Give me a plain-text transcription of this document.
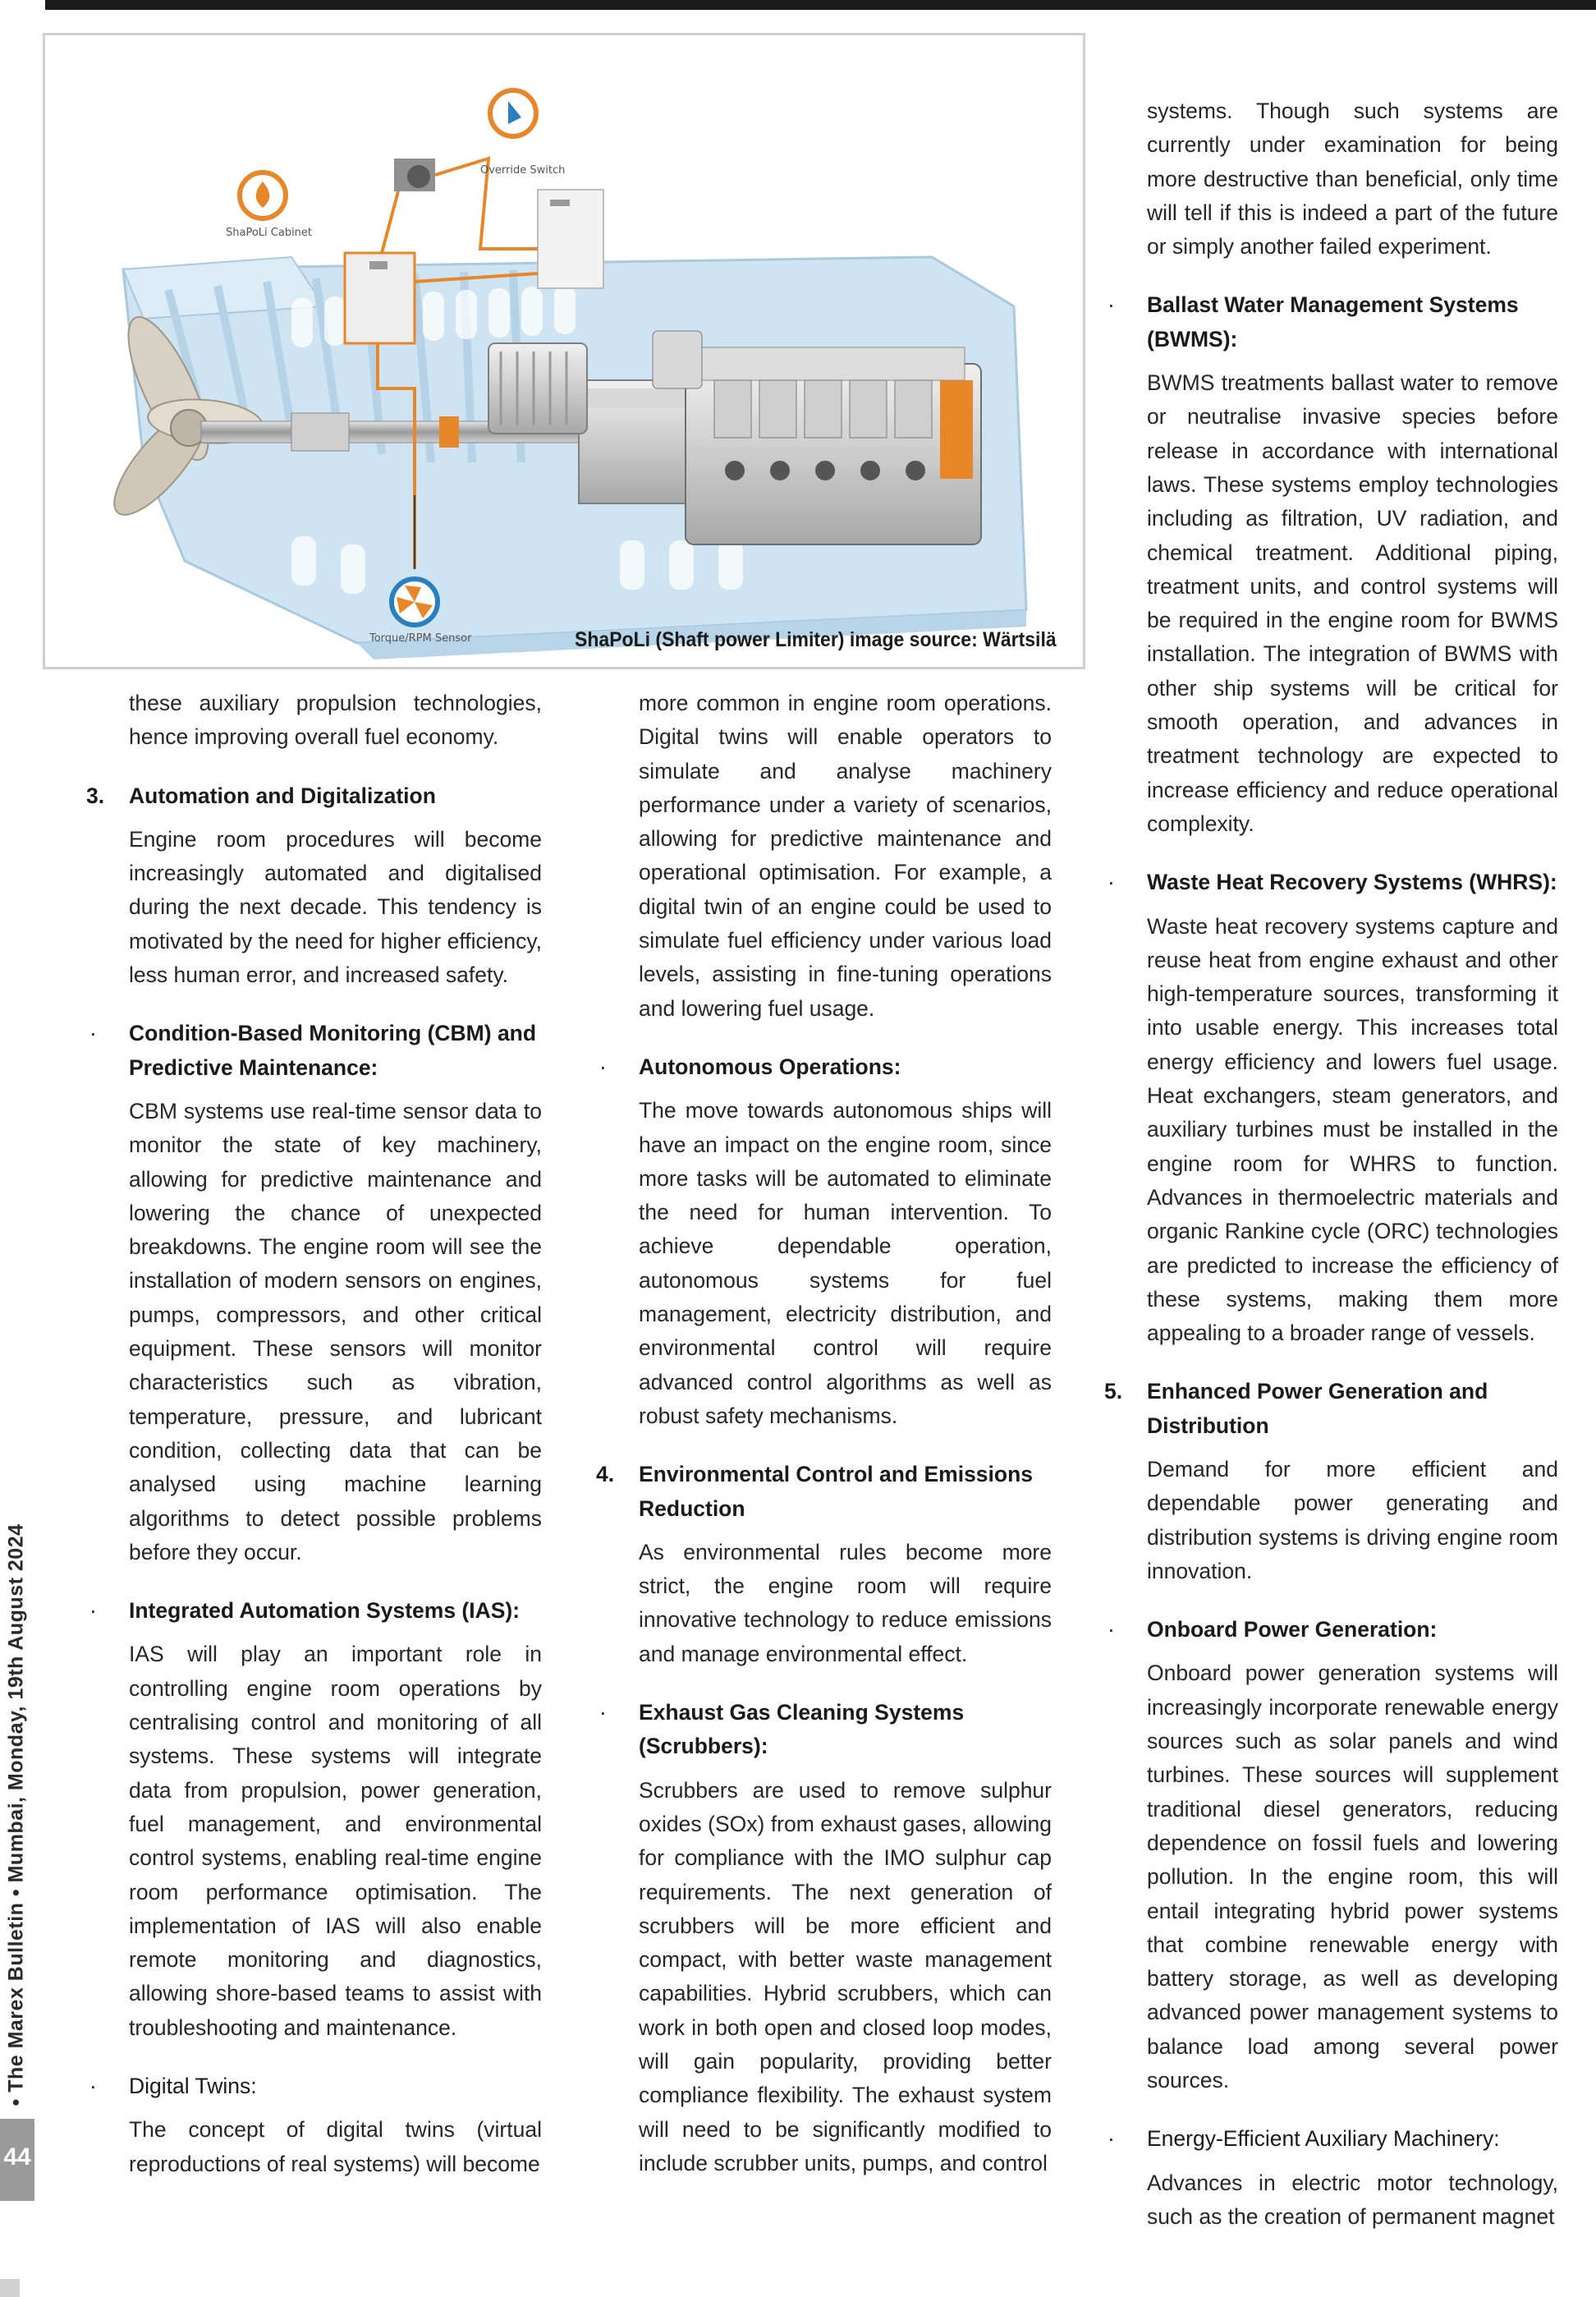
• The Marex Bulletin • Mumbai, Monday, 19th August 2024
44
ShaPoLi Cabinet
Override Switch
Torque/RPM Sensor	ShaPoLi (Shaft power Limiter) image source: Wärtsilä

these auxiliary propulsion technologies, hence improving overall fuel economy.

3.	Automation and Digitalization

Engine room procedures will become increasingly automated and digitalised during the next decade. This tendency is motivated by the need for higher efficiency, less human error, and increased safety.

·	Condition-Based Monitoring (CBM) and Predictive Maintenance:

CBM systems use real-time sensor data to monitor the state of key machinery, allowing for predictive maintenance and lowering the chance of unexpected breakdowns. The engine room will see the installation of modern sensors on engines, pumps, compressors, and other critical equipment. These sensors will monitor characteristics such as vibration, temperature, pressure, and lubricant condition, collecting data that can be analysed using machine learning algorithms to detect possible problems before they occur.

·	Integrated Automation Systems (IAS):

IAS will play an important role in controlling engine room operations by centralising control and monitoring of all systems. These systems will integrate data from propulsion, power generation, fuel management, and environmental control systems, enabling real-time engine room performance optimisation. The implementation of IAS will also enable remote monitoring and diagnostics, allowing shore-based teams to assist with troubleshooting and maintenance.

·	Digital Twins:

The concept of digital twins (virtual reproductions of real systems) will become

more common in engine room operations. Digital twins will enable operators to simulate and analyse machinery performance under a variety of scenarios, allowing for predictive maintenance and operational optimisation. For example, a digital twin of an engine could be used to simulate fuel efficiency under various load levels, assisting in fine-tuning operations and lowering fuel usage.

·	Autonomous Operations:

The move towards autonomous ships will have an impact on the engine room, since more tasks will be automated to eliminate the need for human intervention. To achieve dependable operation, autonomous systems for fuel management, electricity distribution, and environmental control will require advanced control algorithms as well as robust safety mechanisms.

4.	Environmental Control and Emissions Reduction

As environmental rules become more strict, the engine room will require innovative technology to reduce emissions and manage environmental effect.

·	Exhaust Gas Cleaning Systems (Scrubbers):

Scrubbers are used to remove sulphur oxides (SOx) from exhaust gases, allowing for compliance with the IMO sulphur cap requirements. The next generation of scrubbers will be more efficient and compact, with better waste management capabilities. Hybrid scrubbers, which can work in both open and closed loop modes, will gain popularity, providing better compliance flexibility. The exhaust system will need to be significantly modified to include scrubber units, pumps, and control

systems. Though such systems are currently under examination for being more destructive than beneficial, only time will tell if this is indeed a part of the future or simply another failed experiment.

·	Ballast Water Management Systems (BWMS):

BWMS treatments ballast water to remove or neutralise invasive species before release in accordance with international laws. These systems employ technologies including as filtration, UV radiation, and chemical treatment. Additional piping, treatment units, and control systems will be required in the engine room for BWMS installation. The integration of BWMS with other ship systems will be critical for smooth operation, and advances in treatment technology are expected to increase efficiency and reduce operational complexity.

·	Waste Heat Recovery Systems (WHRS):

Waste heat recovery systems capture and reuse heat from engine exhaust and other high-temperature sources, transforming it into usable energy. This increases total energy efficiency and lowers fuel usage. Heat exchangers, steam generators, and auxiliary turbines must be installed in the engine room for WHRS to function. Advances in thermoelectric materials and organic Rankine cycle (ORC) technologies are predicted to increase the efficiency of these systems, making them more appealing to a broader range of vessels.

5.	Enhanced Power Generation and Distribution

Demand for more efficient and dependable power generating and distribution systems is driving engine room innovation.

·	Onboard Power Generation:

Onboard power generation systems will increasingly incorporate renewable energy sources such as solar panels and wind turbines. These sources will supplement traditional diesel generators, reducing dependence on fossil fuels and lowering pollution. In the engine room, this will entail integrating hybrid power systems that combine renewable energy with battery storage, as well as developing advanced power management systems to balance load among several power sources.

·	Energy-Efficient Auxiliary Machinery:

Advances in electric motor technology, such as the creation of permanent magnet
